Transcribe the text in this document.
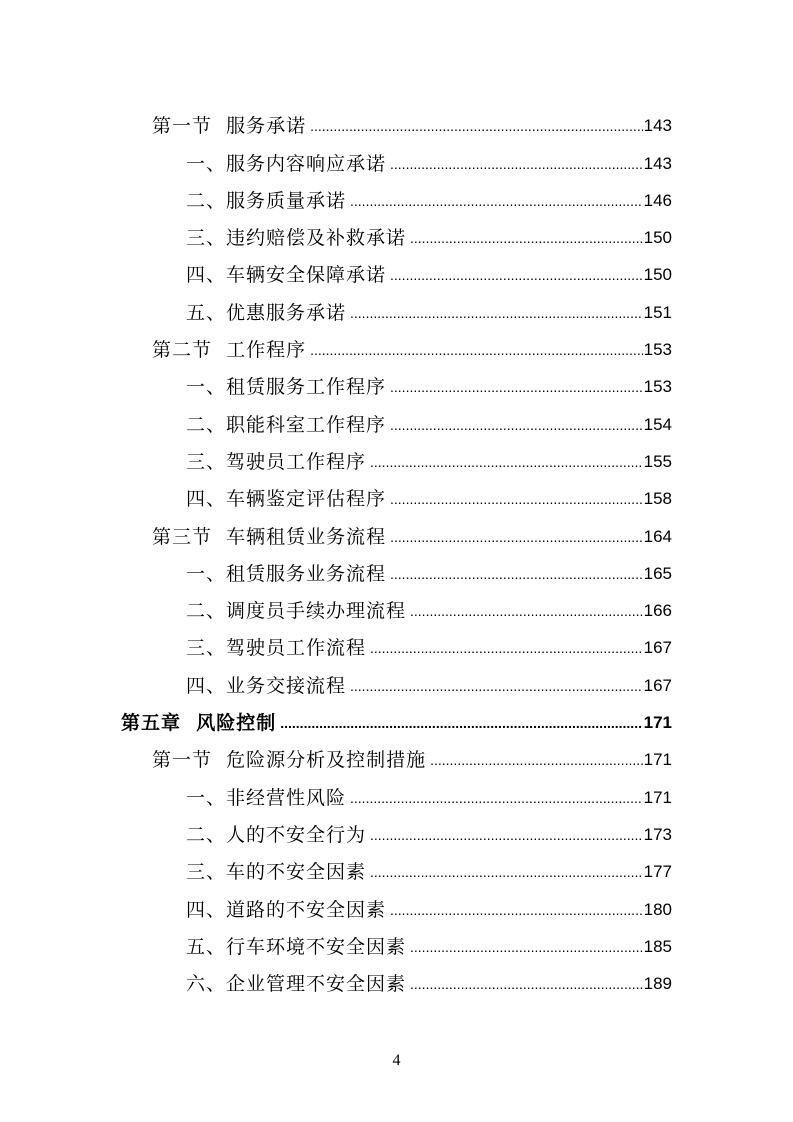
第一节  服务承诺 .....	143
一、服务内容响应承诺 .....	143
二、服务质量承诺 .....	146
三、违约赔偿及补救承诺 .....	150
四、车辆安全保障承诺 .....	150
五、优惠服务承诺 .....	151
第二节  工作程序 .....	153
一、租赁服务工作程序 .....	153
二、职能科室工作程序 .....	154
三、驾驶员工作程序 .....	155
四、车辆鉴定评估程序 .....	158
第三节  车辆租赁业务流程 .....	164
一、租赁服务业务流程 .....	165
二、调度员手续办理流程 .....	166
三、驾驶员工作流程 .....	167
四、业务交接流程 .....	167
第五章  风险控制 .....	171
第一节  危险源分析及控制措施 .....	171
一、非经营性风险 .....	171
二、人的不安全行为 .....	173
三、车的不安全因素 .....	177
四、道路的不安全因素 .....	180
五、行车环境不安全因素 .....	185
六、企业管理不安全因素 .....	189
4
